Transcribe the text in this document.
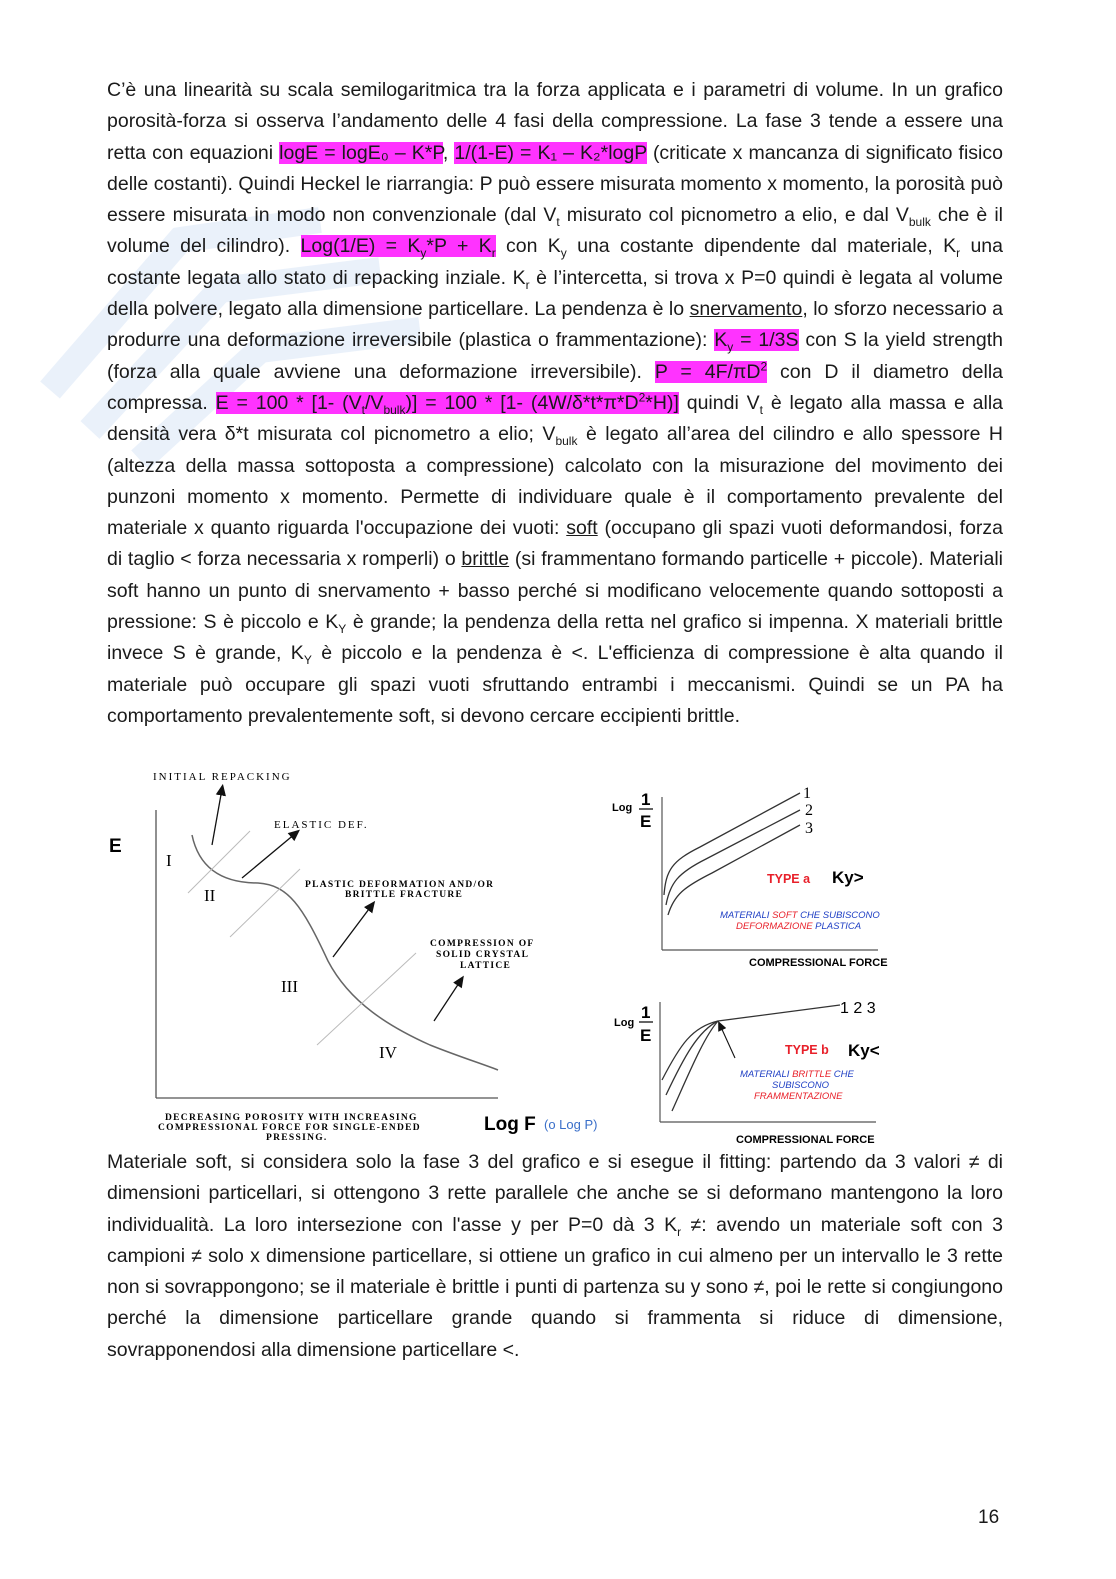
C’è una linearità su scala semilogaritmica tra la forza applicata e i parametri di volume. In un grafico porosità-forza si osserva l’andamento delle 4 fasi della compressione. La fase 3 tende a essere una retta con equazioni logE = logE₀ – K*P, 1/(1-E) = K₁ – K₂*logP (criticate x mancanza di significato fisico delle costanti). Quindi Heckel le riarrangia: P può essere misurata momento x momento, la porosità può essere misurata in modo non convenzionale (dal $V_t$ misurato col picnometro a elio, e dal $V_{bulk}$ che è il volume del cilindro). $Log(1/E) = K_y*P + K_r$ con $K_y$ una costante dipendente dal materiale, $K_r$ una costante legata allo stato di repacking inziale. $K_r$ è l’intercetta, si trova x P=0 quindi è legata al volume della polvere, legato alla dimensione particellare. La pendenza è lo snervamento, lo sforzo necessario a produrre una deformazione irreversibile (plastica o frammentazione): $K_y = 1/3S$ con S la yield strength (forza alla quale avviene una deformazione irreversibile). $P = 4F/\pi D^2$ con D il diametro della compressa. E = 100 * [1- $(V_t/V_{bulk})] = 100 * [1-$ $(4W/\delta*t*\pi*D^2*H)$] quindi $V_t$ è legato alla massa e alla densità vera δ*t misurata col picnometro a elio; $V_{bulk}$ è legato all’area del cilindro e allo spessore H (altezza della massa sottoposta a compressione) calcolato con la misurazione del movimento dei punzoni momento x momento. Permette di individuare quale è il comportamento prevalente del materiale x quanto riguarda l'occupazione dei vuoti: soft (occupano gli spazi vuoti deformandosi, forza di taglio < forza necessaria x romperli) o brittle (si frammentano formando particelle + piccole). Materiali soft hanno un punto di snervamento + basso perché si modificano velocemente quando sottoposti a pressione: S è piccolo e $K_Y$ è grande; la pendenza della retta nel grafico si impenna. X materiali brittle invece S è grande, $K_Y$ è piccolo e la pendenza è <. L'efficienza di compressione è alta quando il materiale può occupare gli spazi vuoti sfruttando entrambi i meccanismi. Quindi se un PA ha comportamento prevalentemente soft, si devono cercare eccipienti brittle.

E
Log F (o Log P)
I
II
III
IV
INITIAL REPACKING
ELASTIC DEF.
PLASTIC DEFORMATION AND/OR
BRITTLE FRACTURE
COMPRESSION OF
SOLID CRYSTAL
LATTICE
DECREASING POROSITY WITH INCREASING
COMPRESSIONAL FORCE FOR SINGLE-ENDED
PRESSING.
Log 1
E
1
2
3
TYPE a Ky>
MATERIALI SOFT CHE SUBISCONO
DEFORMAZIONE PLASTICA
COMPRESSIONAL FORCE
Log
1
E
1 2 3
TYPE b Ky<
MATERIALI BRITTLE CHE
SUBISCONO
FRAMMENTAZIONE
COMPRESSIONAL FORCE

Materiale soft, si considera solo la fase 3 del grafico e si esegue il fitting: partendo da 3 valori ≠ di dimensioni particellari, si ottengono 3 rette parallele che anche se si deformano mantengono la loro individualità. La loro intersezione con l'asse y per P=0 dà 3 $K_r$ ≠: avendo un materiale soft con 3 campioni ≠ solo x dimensione particellare, si ottiene un grafico in cui almeno per un intervallo le 3 rette non si sovrappongono; se il materiale è brittle i punti di partenza su y sono ≠, poi le rette si congiungono perché la dimensione particellare grande quando si frammenta si riduce di dimensione, sovrapponendosi alla dimensione particellare <.

16
